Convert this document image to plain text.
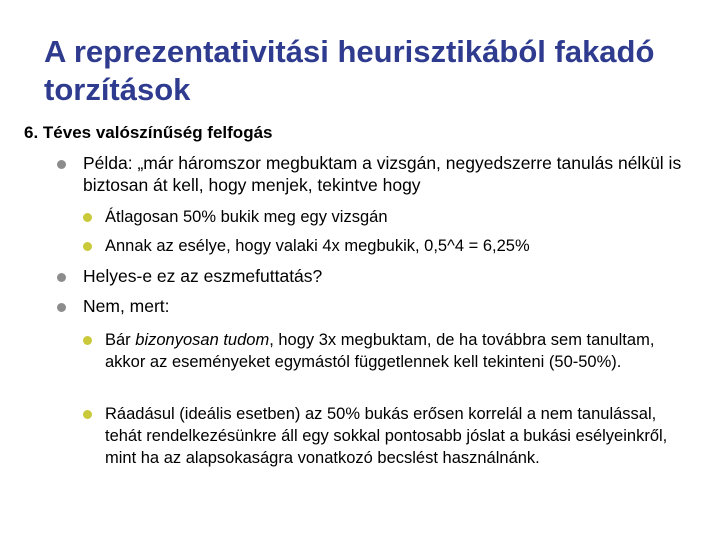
A reprezentativitási heurisztikából fakadó torzítások
6. Téves valószínűség felfogás
Példa: „már háromszor megbuktam a vizsgán, negyedszerre tanulás nélkül is biztosan át kell, hogy menjek, tekintve hogy
Átlagosan 50% bukik meg egy vizsgán
Annak az esélye, hogy valaki 4x megbukik, 0,5^4 = 6,25%
Helyes-e ez az eszmefuttatás?
Nem, mert:
Bár bizonyosan tudom, hogy 3x megbuktam, de ha továbbra sem tanultam, akkor az eseményeket egymástól függetlennek kell tekinteni (50-50%).
Ráadásul (ideális esetben) az 50% bukás erősen korrelál a nem tanulással, tehát rendelkezésünkre áll egy sokkal pontosabb jóslat a bukási esélyeinkről, mint ha az alapsokaságra vonatkozó becslést használnánk.
